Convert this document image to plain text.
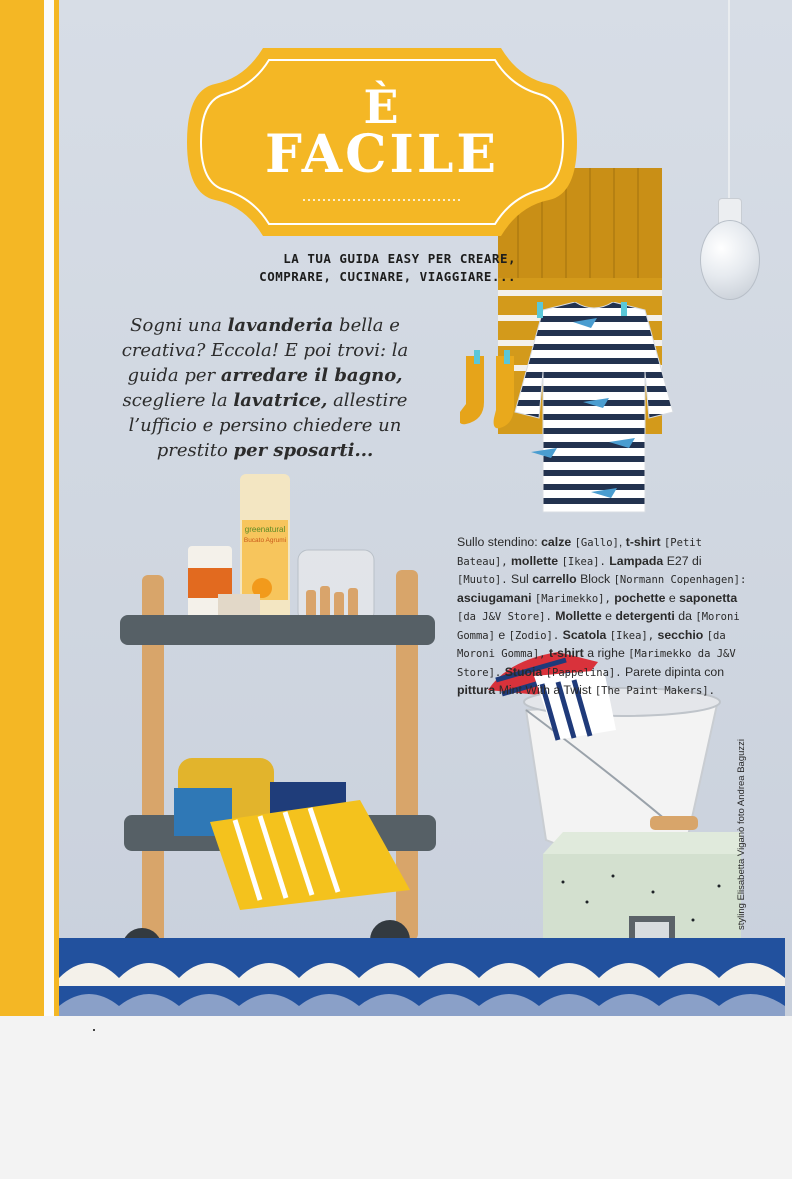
greenatural
Bucato Agrumi
È
FACILE
LA TUA GUIDA EASY PER CREARE,
COMPRARE, CUCINARE, VIAGGIARE...
Sogni una lavanderia bella e creativa? Eccola! E poi trovi: la guida per arredare il bagno, scegliere la lavatrice, allestire l’ufficio e persino chiedere un prestito per sposarti...
Sullo stendino: calze [Gallo], t-shirt [Petit Bateau], mollette [Ikea]. Lampada E27 di [Muuto]. Sul carrello Block [Normann Copenhagen]: asciugamani [Marimekko], pochette e saponetta [da J&V Store]. Mollette e detergenti da [Moroni Gomma] e [Zodio]. Scatola [Ikea], secchio [da Moroni Gomma], t-shirt a righe [Marimekko da J&V Store]. Stuoia [Pappelina]. Parete dipinta con pittura Mint With a Twist [The Paint Makers].
styling Elisabetta Viganò foto Andrea Baguzzi
